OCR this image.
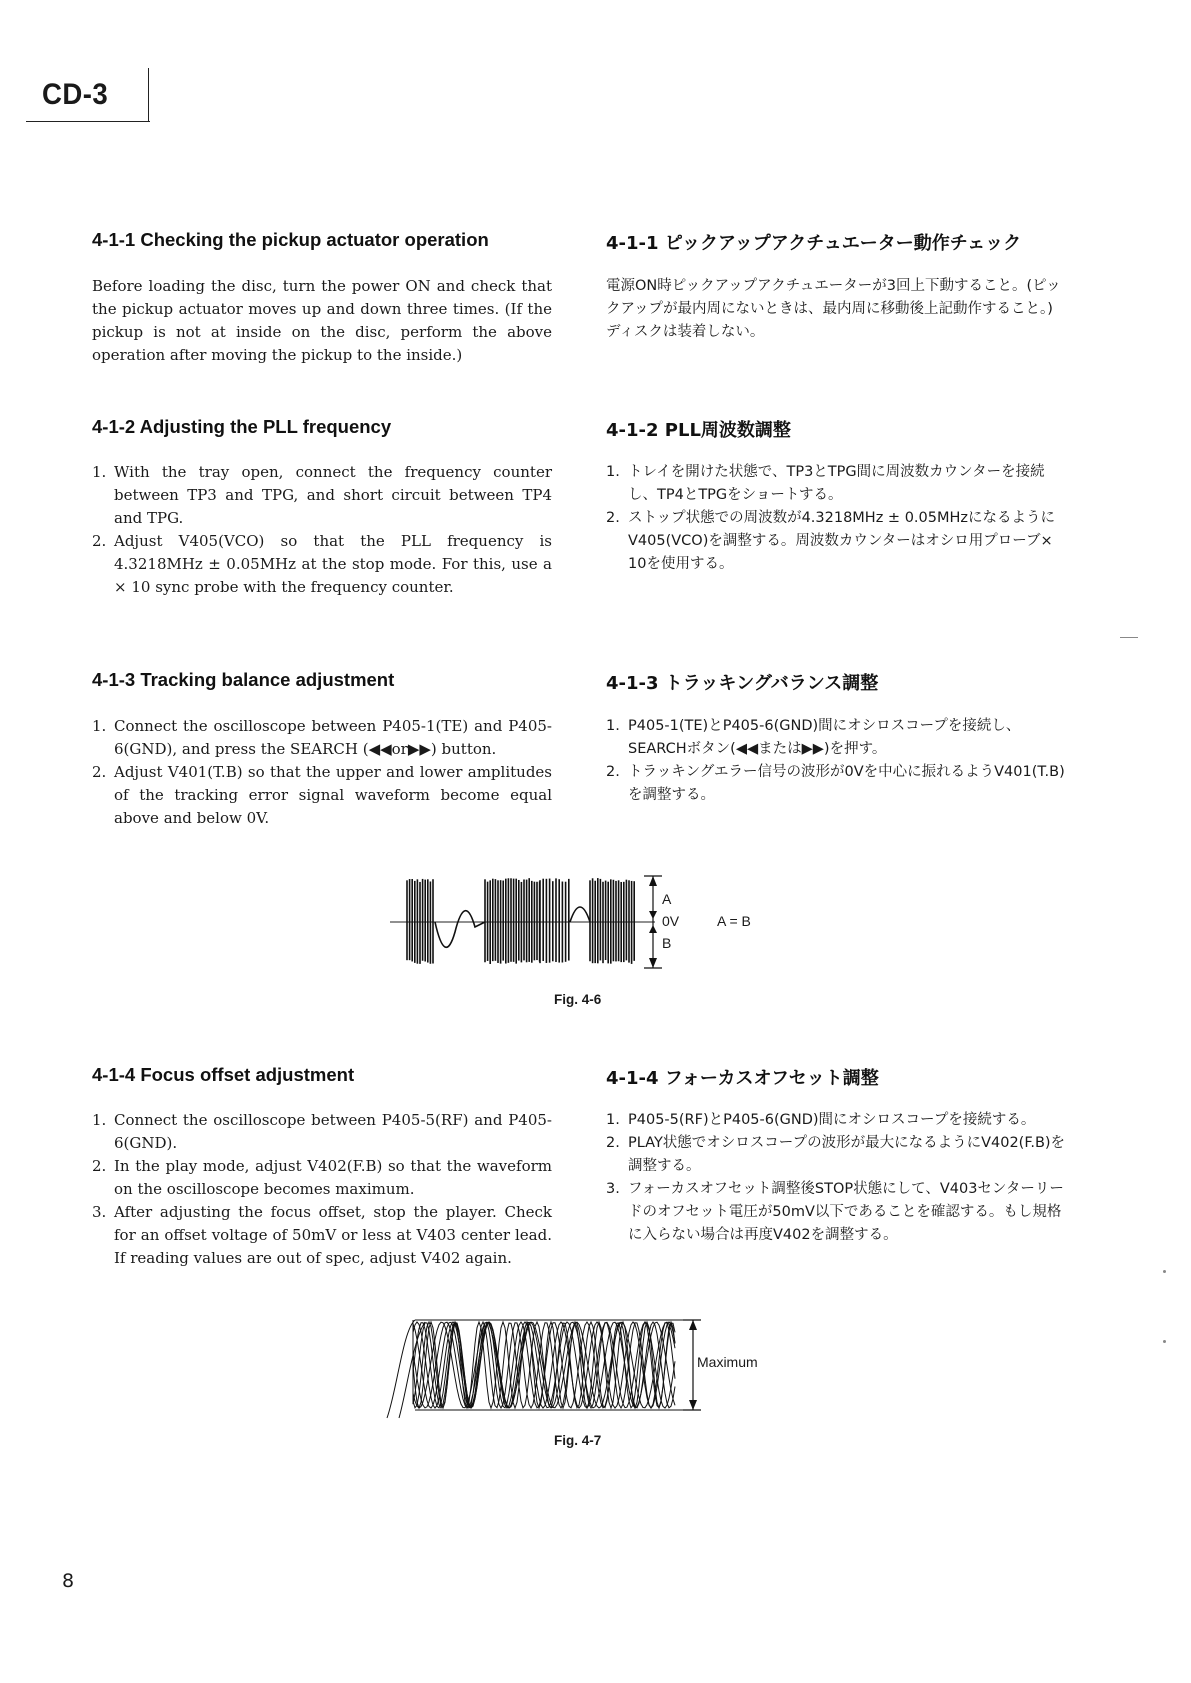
CD-3
4-1-1 Checking the pickup actuator operation	4-1-1 ピックアップアクチュエーター動作チェック
Before loading the disc, turn the power ON and check that the pickup actuator moves up and down three times. (If the pickup is not at inside on the disc, perform the above operation after moving the pickup to the inside.)
電源ON時ピックアップアクチュエーターが3回上下動すること。(ピックアップが最内周にないときは、最内周に移動後上記動作すること。) ディスクは装着しない。
4-1-2 Adjusting the PLL frequency	4-1-2 PLL周波数調整
1. With the tray open, connect the frequency counter between TP3 and TPG, and short circuit between TP4 and TPG.
2. Adjust V405(VCO) so that the PLL frequency is 4.3218MHz ± 0.05MHz at the stop mode. For this, use a × 10 sync probe with the frequency counter.
1. トレイを開けた状態で、TP3とTPG間に周波数カウンターを接続し、TP4とTPGをショートする。
2. ストップ状態での周波数が4.3218MHz ± 0.05MHzになるようにV405(VCO)を調整する。周波数カウンターはオシロ用プローブ× 10を使用する。
4-1-3 Tracking balance adjustment	4-1-3 トラッキングバランス調整
1. Connect the oscilloscope between P405-1(TE) and P405-6(GND), and press the SEARCH (◀◀or▶▶) button.
2. Adjust V401(T.B) so that the upper and lower amplitudes of the tracking error signal waveform become equal above and below 0V.
1. P405-1(TE)とP405-6(GND)間にオシロスコープを接続し、SEARCHボタン(◀◀または▶▶)を押す。
2. トラッキングエラー信号の波形が0Vを中心に振れるようV401(T.B)を調整する。
A
0V
B
A = B
Fig. 4-6
4-1-4 Focus offset adjustment	4-1-4 フォーカスオフセット調整
1. Connect the oscilloscope between P405-5(RF) and P405-6(GND).
2. In the play mode, adjust V402(F.B) so that the waveform on the oscilloscope becomes maximum.
3. After adjusting the focus offset, stop the player. Check for an offset voltage of 50mV or less at V403 center lead. If reading values are out of spec, adjust V402 again.
1. P405-5(RF)とP405-6(GND)間にオシロスコープを接続する。
2. PLAY状態でオシロスコープの波形が最大になるようにV402(F.B)を調整する。
3. フォーカスオフセット調整後STOP状態にして、V403センターリードのオフセット電圧が50mV以下であることを確認する。もし規格に入らない場合は再度V402を調整する。
Maximum
Fig. 4-7
8
